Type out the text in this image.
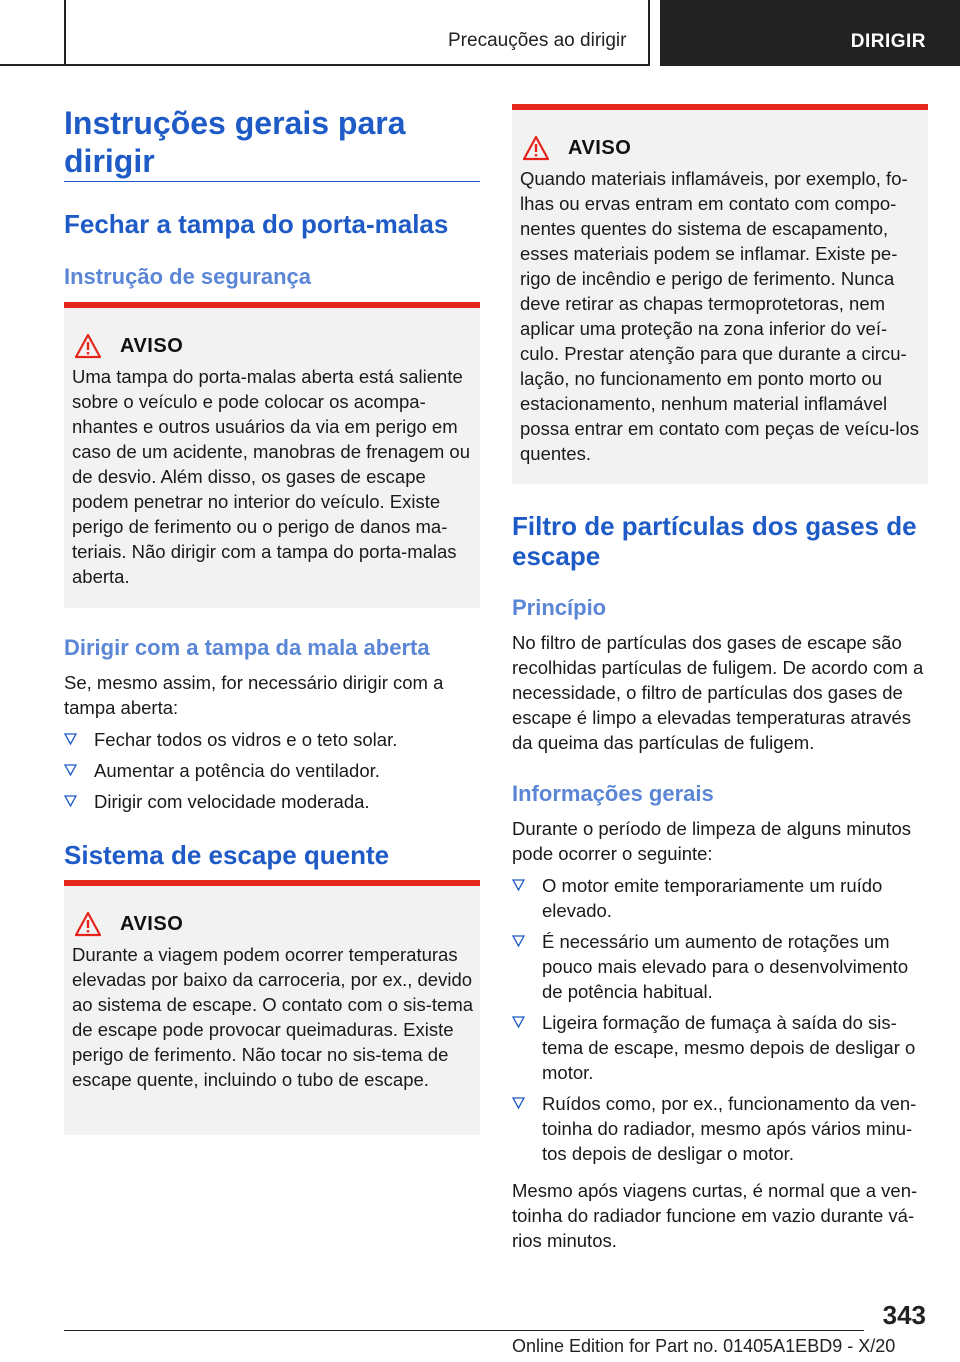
Precauções ao dirigir	DIRIGIR
Instruções gerais para dirigir
Fechar a tampa do porta-malas
Instrução de segurança
AVISO
Uma tampa do porta-malas aberta está saliente sobre o veículo e pode colocar os acompa-nhantes e outros usuários da via em perigo em caso de um acidente, manobras de frenagem ou de desvio. Além disso, os gases de escape podem penetrar no interior do veículo. Existe perigo de ferimento ou o perigo de danos ma-teriais. Não dirigir com a tampa do porta-malas aberta.
Dirigir com a tampa da mala aberta
Se, mesmo assim, for necessário dirigir com a tampa aberta:
Fechar todos os vidros e o teto solar.
Aumentar a potência do ventilador.
Dirigir com velocidade moderada.
Sistema de escape quente
AVISO
Durante a viagem podem ocorrer temperaturas elevadas por baixo da carroceria, por ex., devido ao sistema de escape. O contato com o sis-tema de escape pode provocar queimaduras. Existe perigo de ferimento. Não tocar no sis-tema de escape quente, incluindo o tubo de escape.
AVISO
Quando materiais inflamáveis, por exemplo, fo-lhas ou ervas entram em contato com compo-nentes quentes do sistema de escapamento, esses materiais podem se inflamar. Existe pe-rigo de incêndio e perigo de ferimento. Nunca deve retirar as chapas termoprotetoras, nem aplicar uma proteção na zona inferior do veí-culo. Prestar atenção para que durante a circu-lação, no funcionamento em ponto morto ou estacionamento, nenhum material inflamável possa entrar em contato com peças de veícu-los quentes.
Filtro de partículas dos gases de escape
Princípio
No filtro de partículas dos gases de escape são recolhidas partículas de fuligem. De acordo com a necessidade, o filtro de partículas dos gases de escape é limpo a elevadas temperaturas através da queima das partículas de fuligem.
Informações gerais
Durante o período de limpeza de alguns minutos pode ocorrer o seguinte:
O motor emite temporariamente um ruído elevado.
É necessário um aumento de rotações um pouco mais elevado para o desenvolvimento de potência habitual.
Ligeira formação de fumaça à saída do sis-tema de escape, mesmo depois de desligar o motor.
Ruídos como, por ex., funcionamento da ven-toinha do radiador, mesmo após vários minu-tos depois de desligar o motor.
Mesmo após viagens curtas, é normal que a ven-toinha do radiador funcione em vazio durante vá-rios minutos.
343
Online Edition for Part no. 01405A1EBD9 - X/20
